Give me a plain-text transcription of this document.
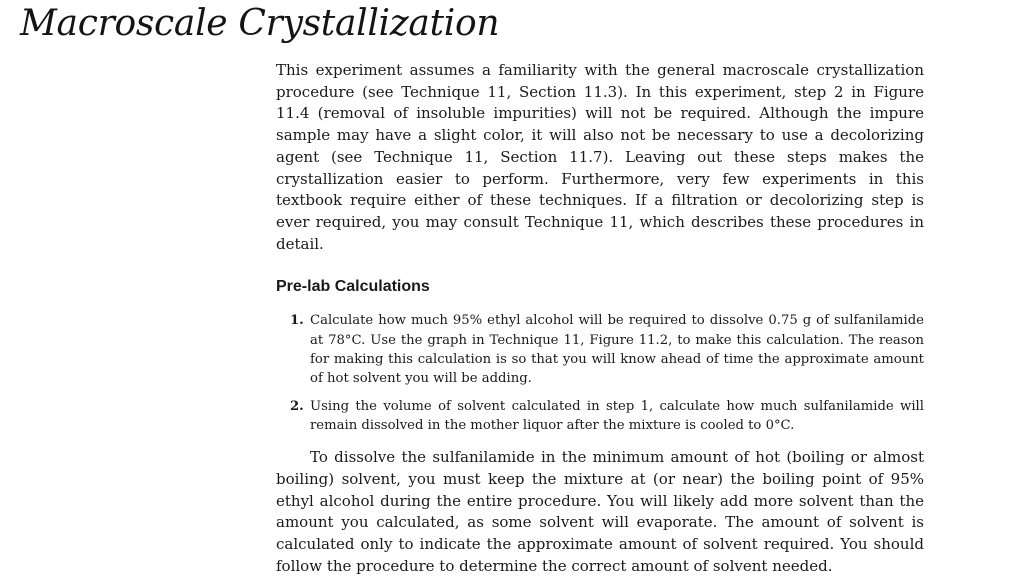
Macroscale Crystallization

This experiment assumes a familiarity with the general macroscale crystallization procedure (see Technique 11, Section 11.3). In this experiment, step 2 in Figure 11.4 (removal of insoluble impurities) will not be required. Although the impure sample may have a slight color, it will also not be necessary to use a decolorizing agent (see Technique 11, Section 11.7). Leaving out these steps makes the crystallization easier to perform. Furthermore, very few experiments in this textbook require either of these techniques. If a filtration or decolorizing step is ever required, you may consult Technique 11, which describes these procedures in detail.

Pre-lab Calculations
1. Calculate how much 95% ethyl alcohol will be required to dissolve 0.75 g of sulfanilamide at 78°C. Use the graph in Technique 11, Figure 11.2, to make this calculation. The reason for making this calculation is so that you will know ahead of time the approximate amount of hot solvent you will be adding.
2. Using the volume of solvent calculated in step 1, calculate how much sulfanilamide will remain dissolved in the mother liquor after the mixture is cooled to 0°C.

To dissolve the sulfanilamide in the minimum amount of hot (boiling or almost boiling) solvent, you must keep the mixture at (or near) the boiling point of 95% ethyl alcohol during the entire procedure. You will likely add more solvent than the amount you calculated, as some solvent will evaporate. The amount of solvent is calculated only to indicate the approximate amount of solvent required. You should follow the procedure to determine the correct amount of solvent needed.
